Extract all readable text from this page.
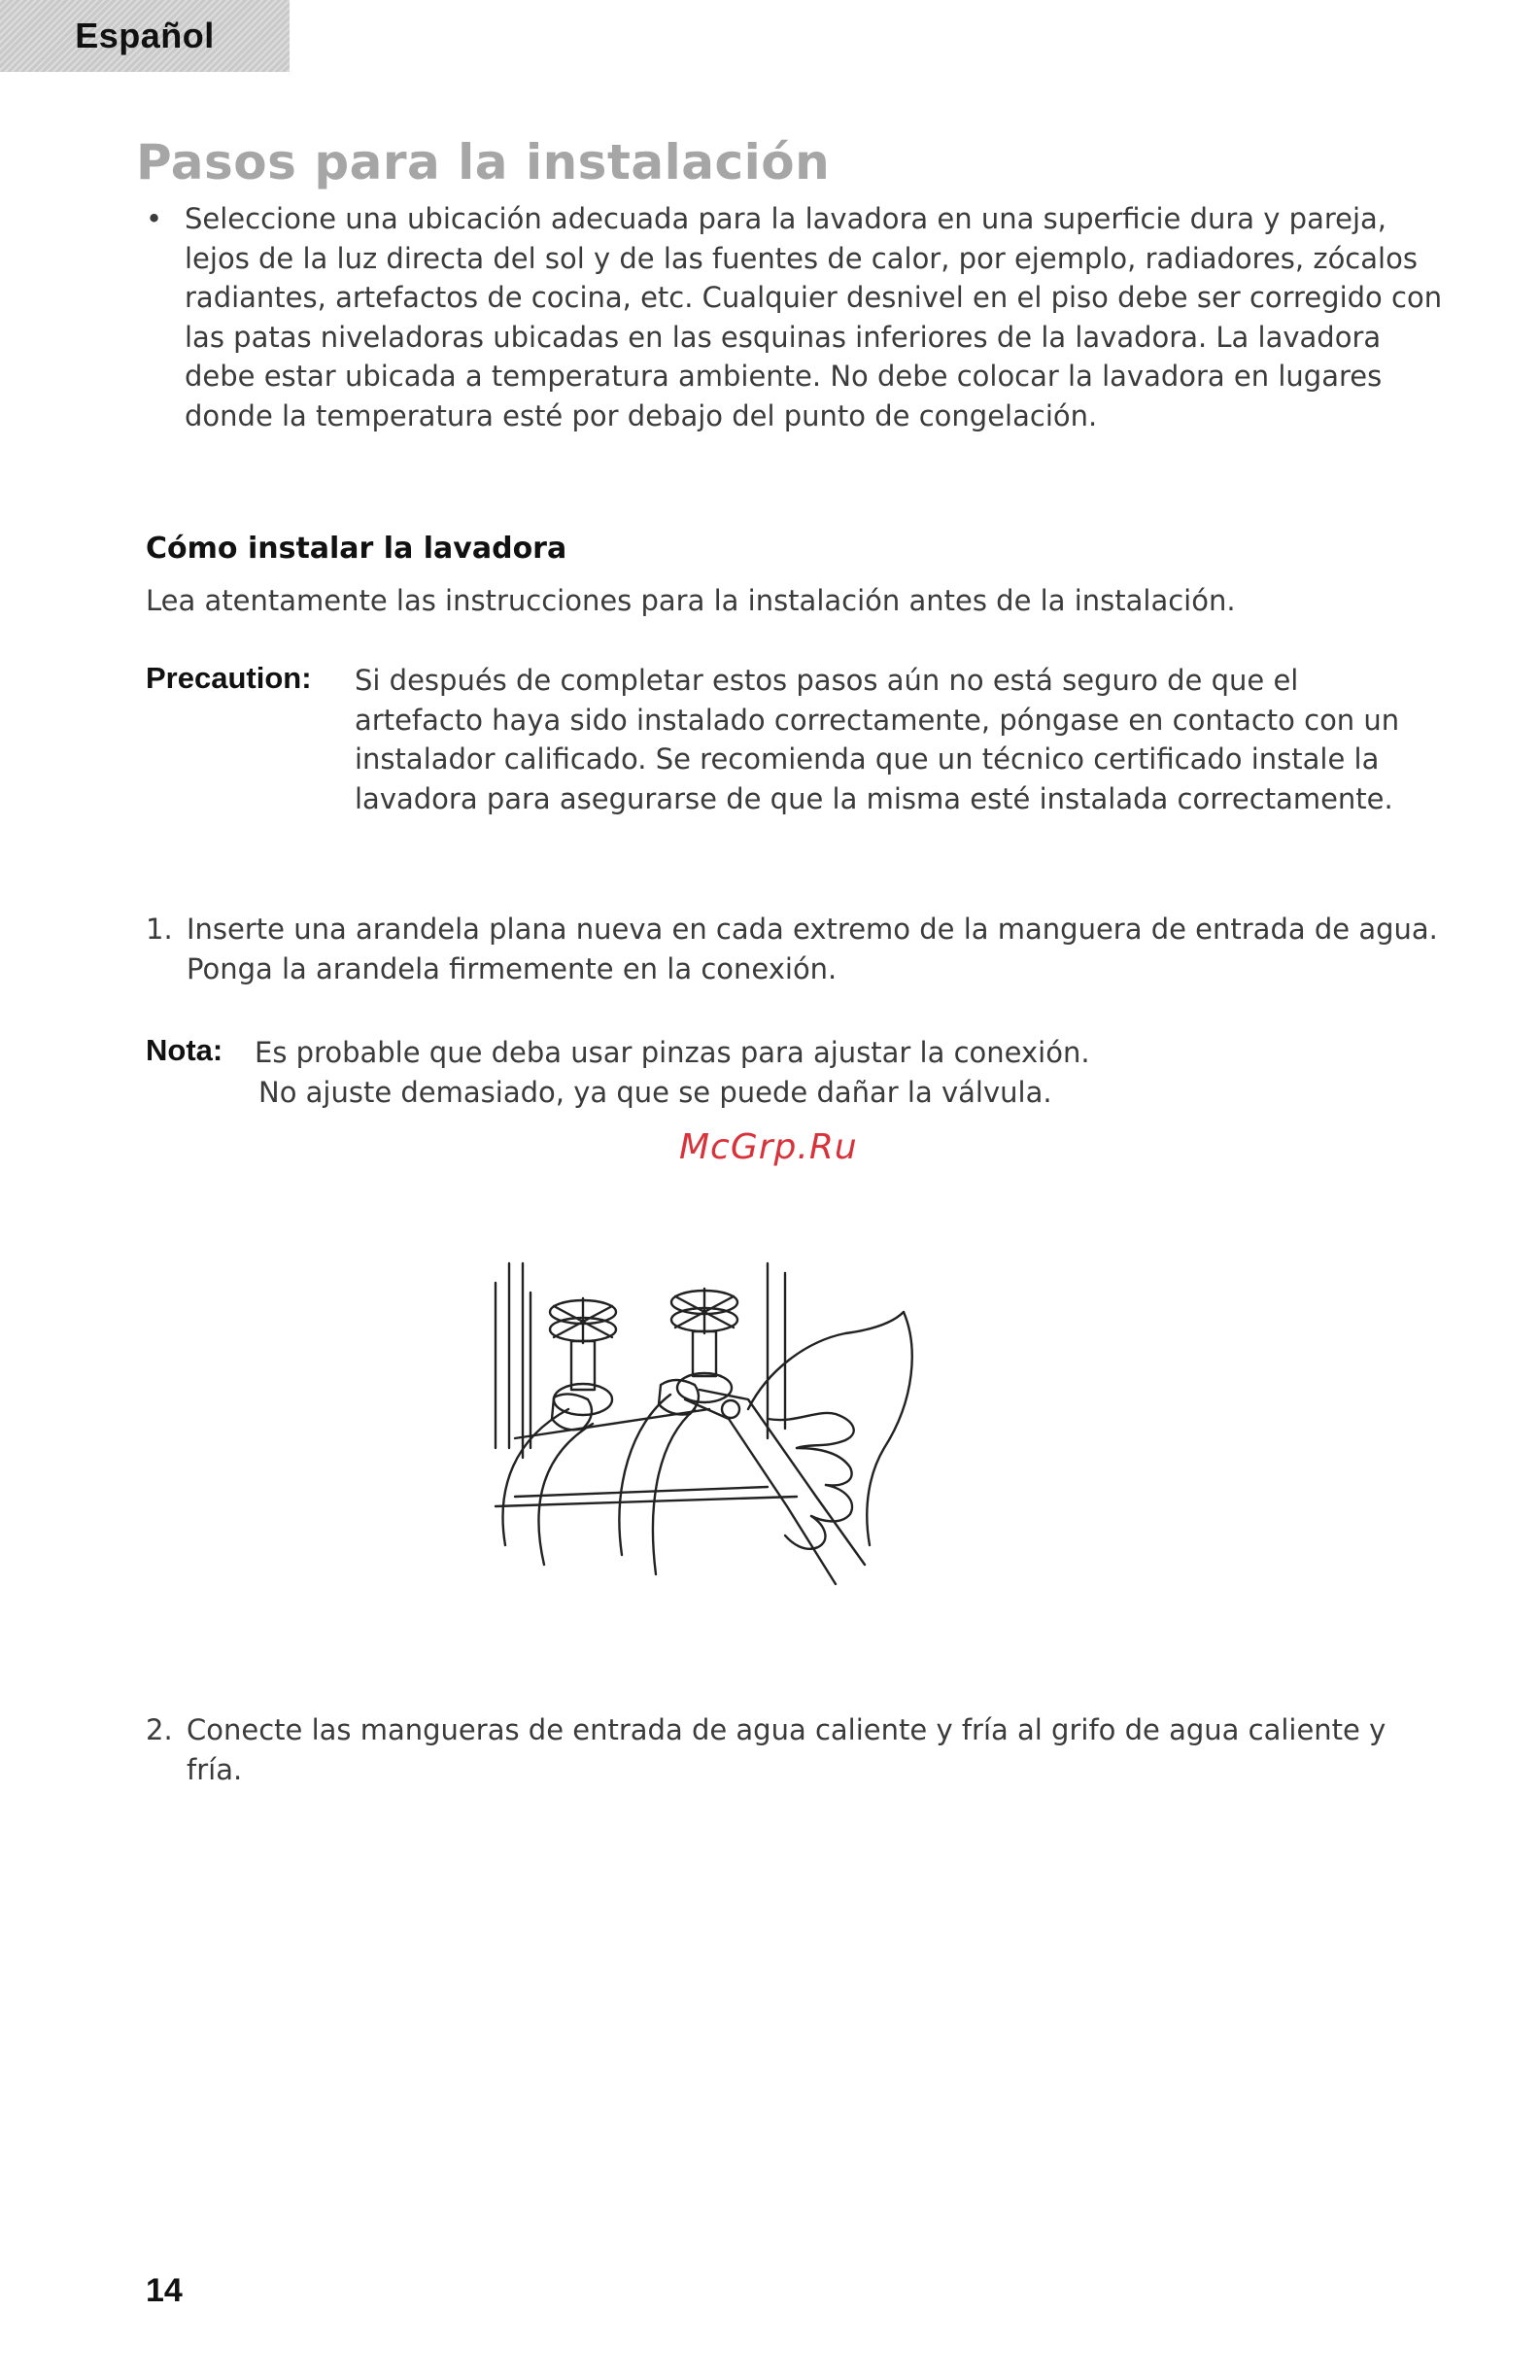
Español
Pasos para la instalación
• Seleccione una ubicación adecuada para la lavadora en una superficie dura y pareja, lejos de la luz directa del sol y de las fuentes de calor, por ejemplo, radiadores, zócalos radiantes, artefactos de cocina, etc. Cualquier desnivel en el piso debe ser corregido con las patas niveladoras ubicadas en las esquinas inferiores de la lavadora. La lavadora debe estar ubicada a temperatura ambiente. No debe colocar la lavadora en lugares donde la temperatura esté por debajo del punto de congelación.
Cómo instalar la lavadora
Lea atentamente las instrucciones para la instalación antes de la instalación.
Precaution: Si después de completar estos pasos aún no está seguro de que el artefacto haya sido instalado correctamente, póngase en contacto con un instalador calificado. Se recomienda que un técnico certificado instale la lavadora para asegurarse de que la misma esté instalada correctamente.
1. Inserte una arandela plana nueva en cada extremo de la manguera de entrada de agua. Ponga la arandela firmemente en la conexión.
Nota: Es probable que deba usar pinzas para ajustar la conexión.
No ajuste demasiado, ya que se puede dañar la válvula.
McGrp.Ru
2. Conecte las mangueras de entrada de agua caliente y fría al grifo de agua caliente y fría.
14
